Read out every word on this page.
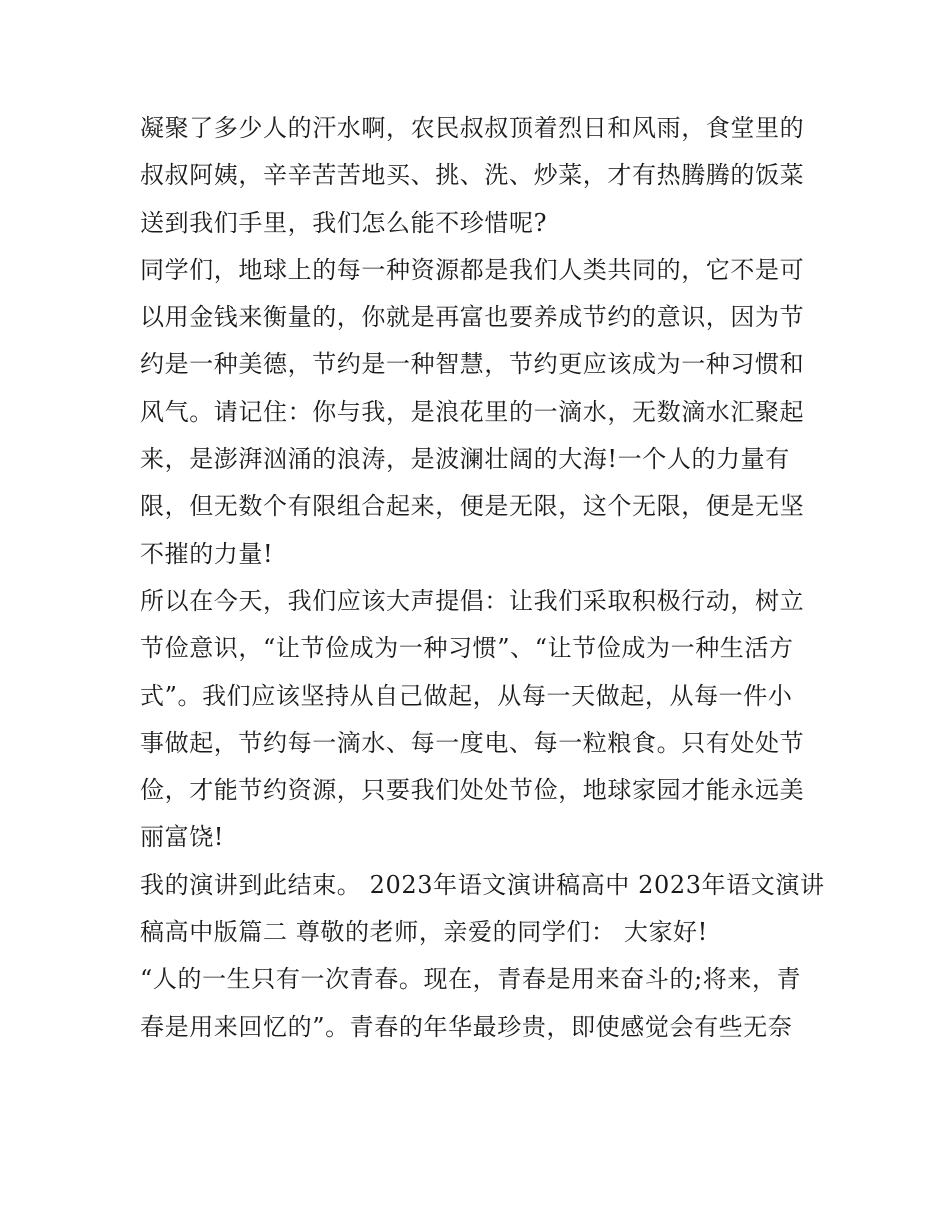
凝聚了多少人的汗水啊，农民叔叔顶着烈日和风雨，食堂里的
叔叔阿姨，辛辛苦苦地买、挑、洗、炒菜，才有热腾腾的饭菜
送到我们手里，我们怎么能不珍惜呢?
同学们，地球上的每一种资源都是我们人类共同的，它不是可
以用金钱来衡量的，你就是再富也要养成节约的意识，因为节
约是一种美德，节约是一种智慧，节约更应该成为一种习惯和
风气。请记住：你与我，是浪花里的一滴水，无数滴水汇聚起
来，是澎湃汹涌的浪涛，是波澜壮阔的大海!一个人的力量有
限，但无数个有限组合起来，便是无限，这个无限，便是无坚
不摧的力量!
所以在今天，我们应该大声提倡：让我们采取积极行动，树立
节俭意识，“让节俭成为一种习惯”、“让节俭成为一种生活方
式”。我们应该坚持从自己做起，从每一天做起，从每一件小
事做起，节约每一滴水、每一度电、每一粒粮食。只有处处节
俭，才能节约资源，只要我们处处节俭，地球家园才能永远美
丽富饶!
我的演讲到此结束。 2023年语文演讲稿高中 2023年语文演讲
稿高中版篇二 尊敬的老师，亲爱的同学们： 大家好!
“人的一生只有一次青春。现在，青春是用来奋斗的;将来，青
春是用来回忆的”。青春的年华最珍贵，即使感觉会有些无奈
